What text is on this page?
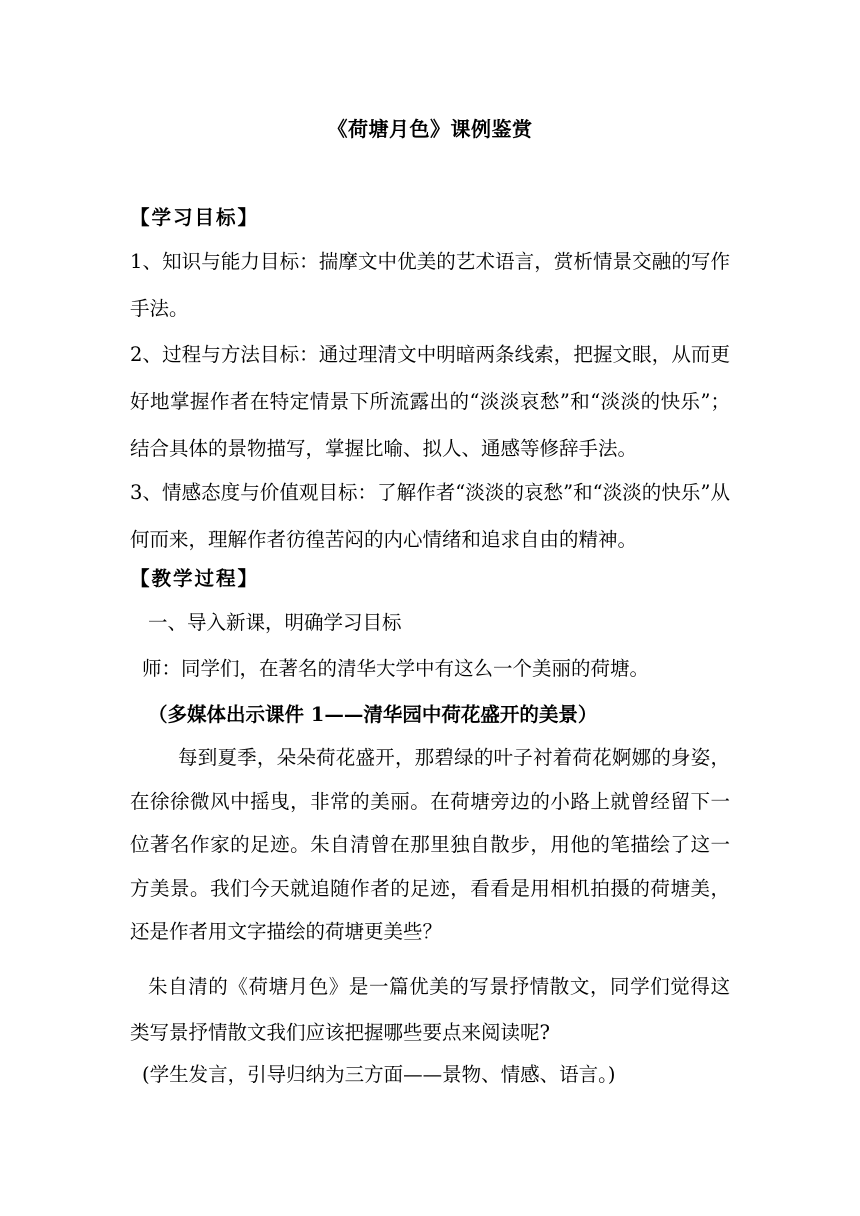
《荷塘月色》课例鉴赏

【学习目标】

1、知识与能力目标：揣摩文中优美的艺术语言，赏析情景交融的写作手法。

2、过程与方法目标：通过理清文中明暗两条线索，把握文眼，从而更好地掌握作者在特定情景下所流露出的“淡淡哀愁”和“淡淡的快乐”；结合具体的景物描写，掌握比喻、拟人、通感等修辞手法。

3、情感态度与价值观目标：了解作者“淡淡的哀愁”和“淡淡的快乐”从何而来，理解作者彷徨苦闷的内心情绪和追求自由的精神。

【教学过程】

一、导入新课，明确学习目标

师：同学们，在著名的清华大学中有这么一个美丽的荷塘。

（多媒体出示课件 1——清华园中荷花盛开的美景）

每到夏季，朵朵荷花盛开，那碧绿的叶子衬着荷花婀娜的身姿，在徐徐微风中摇曳，非常的美丽。在荷塘旁边的小路上就曾经留下一位著名作家的足迹。朱自清曾在那里独自散步，用他的笔描绘了这一方美景。我们今天就追随作者的足迹，看看是用相机拍摄的荷塘美，还是作者用文字描绘的荷塘更美些？

朱自清的《荷塘月色》是一篇优美的写景抒情散文，同学们觉得这类写景抒情散文我们应该把握哪些要点来阅读呢?

(学生发言，引导归纳为三方面——景物、情感、语言。)
